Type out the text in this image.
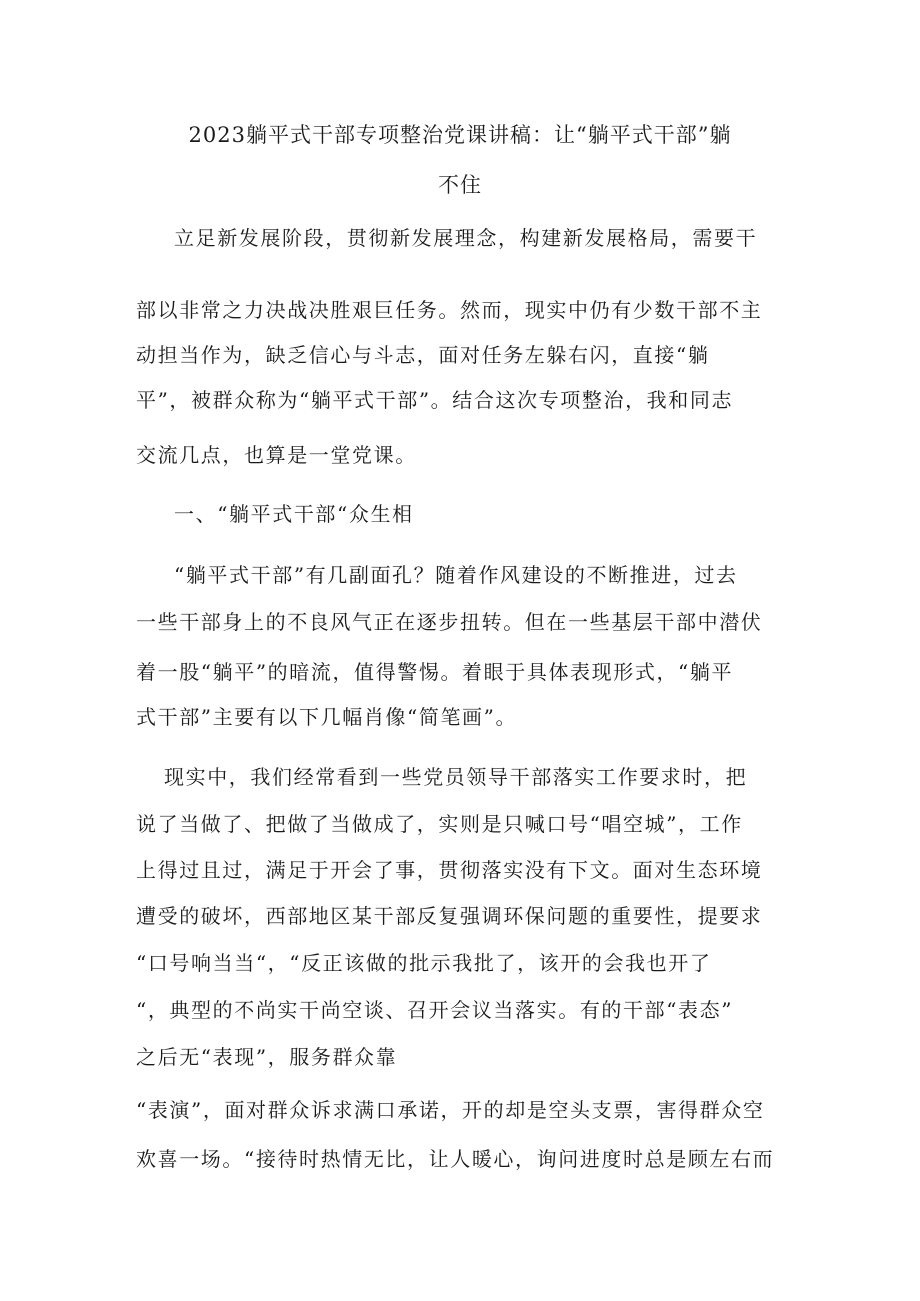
2023躺平式干部专项整治党课讲稿：让“躺平式干部”躺
不住
立足新发展阶段，贯彻新发展理念，构建新发展格局，需要干
部以非常之力决战决胜艰巨任务。然而，现实中仍有少数干部不主
动担当作为，缺乏信心与斗志，面对任务左躲右闪，直接“躺
平”，被群众称为“躺平式干部”。结合这次专项整治，我和同志
交流几点，也算是一堂党课。
一、“躺平式干部“众生相
“躺平式干部”有几副面孔？随着作风建设的不断推进，过去
一些干部身上的不良风气正在逐步扭转。但在一些基层干部中潜伏
着一股“躺平”的暗流，值得警惕。着眼于具体表现形式，“躺平
式干部”主要有以下几幅肖像“简笔画”。
现实中，我们经常看到一些党员领导干部落实工作要求时，把
说了当做了、把做了当做成了，实则是只喊口号“唱空城”，工作
上得过且过，满足于开会了事，贯彻落实没有下文。面对生态环境
遭受的破坏，西部地区某干部反复强调环保问题的重要性，提要求
“口号响当当“，“反正该做的批示我批了，该开的会我也开了
“，典型的不尚实干尚空谈、召开会议当落实。有的干部“表态”
之后无“表现”，服务群众靠
“表演”，面对群众诉求满口承诺，开的却是空头支票，害得群众空
欢喜一场。“接待时热情无比，让人暖心，询问进度时总是顾左右而
